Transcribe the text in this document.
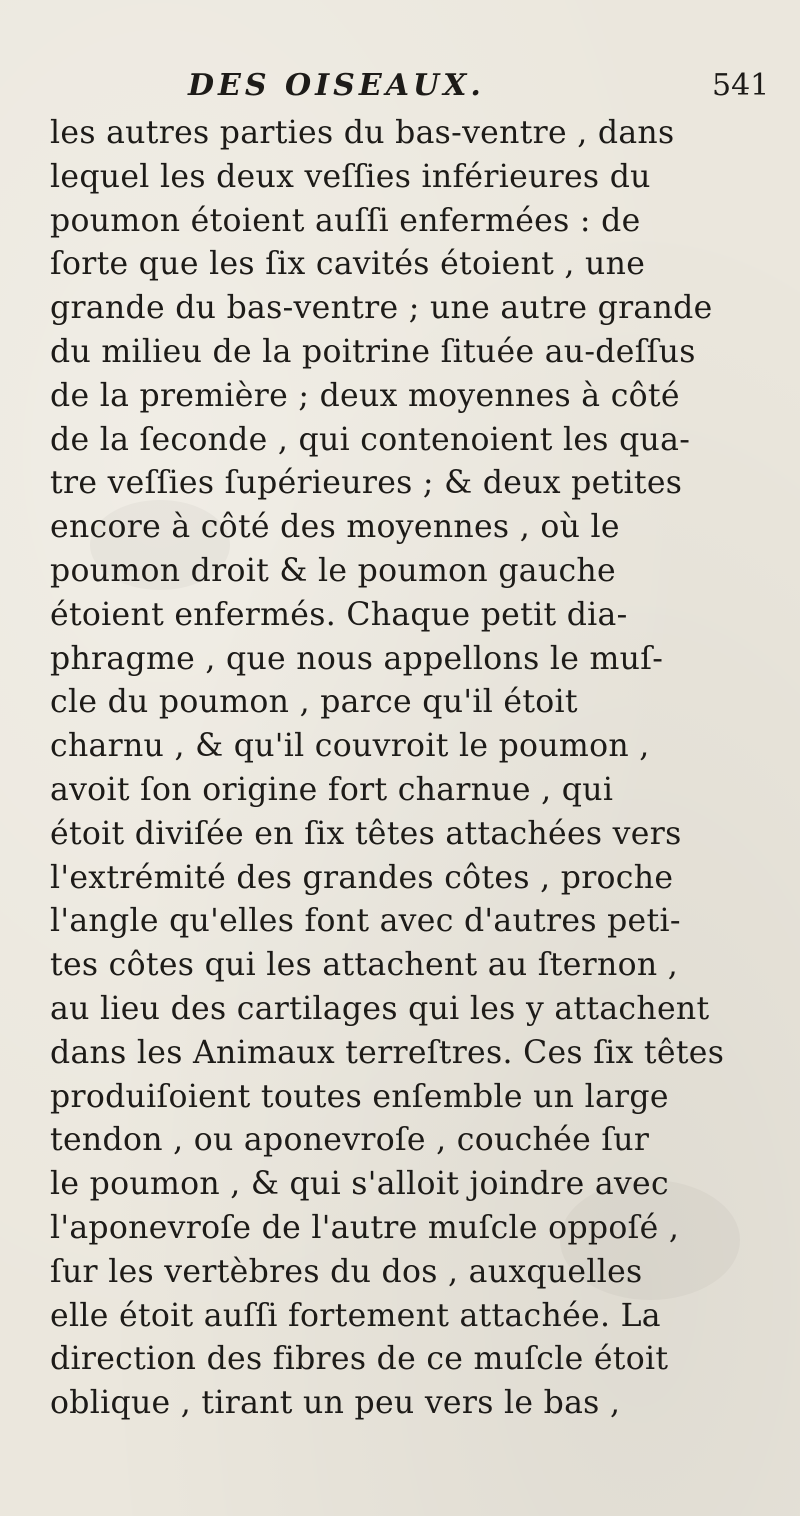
DES OISEAUX.	541
les autres parties du bas-ventre , dans
lequel les deux veſſies inférieures du
poumon étoient auſſi enfermées : de
ſorte que les ſix cavités étoient , une
grande du bas-ventre ; une autre grande
du milieu de la poitrine ſituée au-deſſus
de la première ; deux moyennes à côté
de la ſeconde , qui contenoient les qua-
tre veſſies ſupérieures ; & deux petites
encore à côté des moyennes , où le
poumon droit & le poumon gauche
étoient enfermés. Chaque petit dia-
phragme , que nous appellons le muſ-
cle du poumon , parce qu'il étoit
charnu , & qu'il couvroit le poumon ,
avoit ſon origine fort charnue , qui
étoit diviſée en ſix têtes attachées vers
l'extrémité des grandes côtes , proche
l'angle qu'elles font avec d'autres peti-
tes côtes qui les attachent au ſternon ,
au lieu des cartilages qui les y attachent
dans les Animaux terreſtres. Ces ſix têtes
produiſoient toutes enſemble un large
tendon , ou aponevroſe , couchée ſur
le poumon , & qui s'alloit joindre avec
l'aponevroſe de l'autre muſcle oppoſé ,
ſur les vertèbres du dos , auxquelles
elle étoit auſſi fortement attachée. La
direction des fibres de ce muſcle étoit
oblique , tirant un peu vers le bas ,
